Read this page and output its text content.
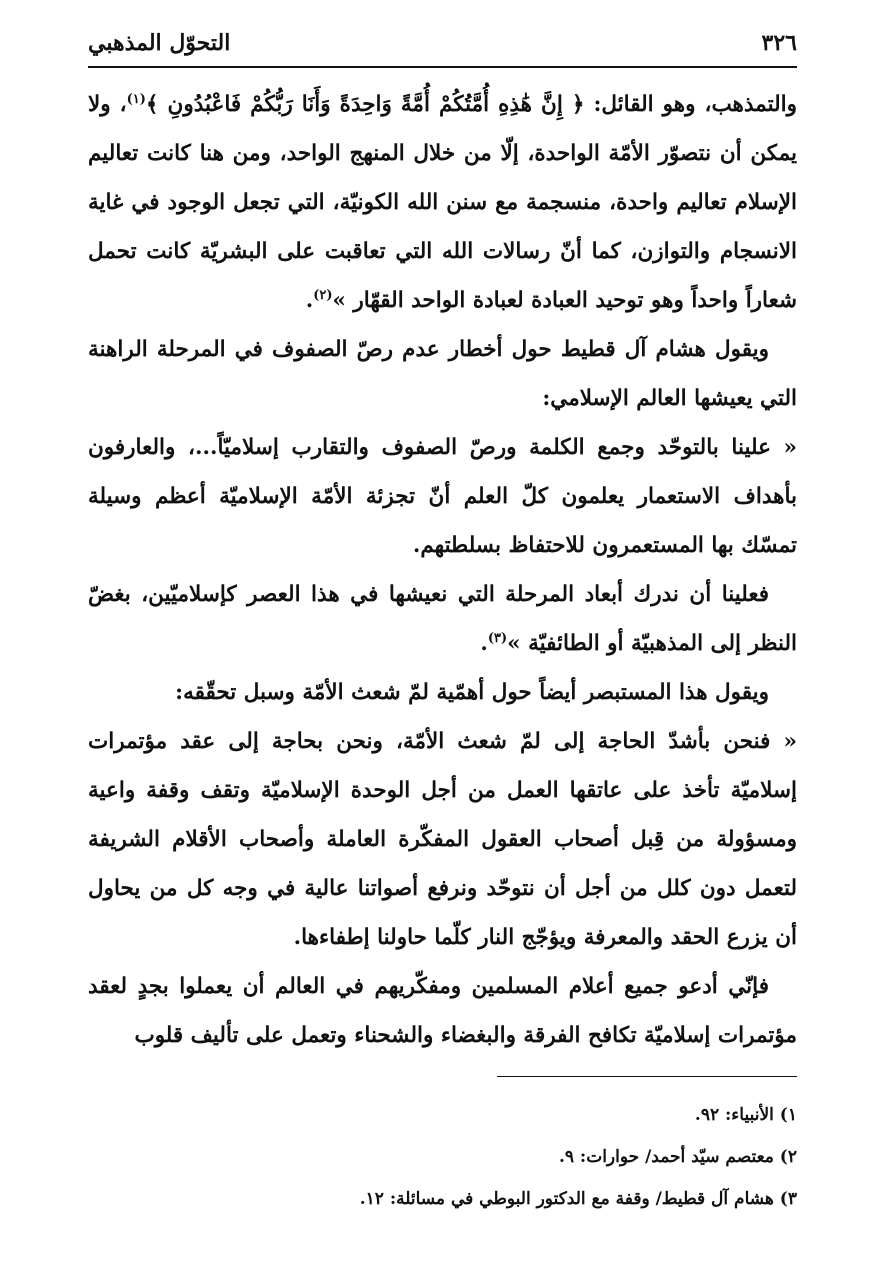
٣٢٦
التحوّل المذهبي

والتمذهب، وهو القائل: ﴿ إِنَّ هَٰذِهِ أُمَّتُكُمْ أُمَّةً وَاحِدَةً وَأَنَا رَبُّكُمْ فَاعْبُدُونِ ﴾$^{(١)}$، ولا يمكن أن نتصوّر الأمّة الواحدة، إلّا من خلال المنهج الواحد، ومن هنا كانت تعاليم الإسلام تعاليم واحدة، منسجمة مع سنن الله الكونيّة، التي تجعل الوجود في غاية الانسجام والتوازن، كما أنّ رسالات الله التي تعاقبت على البشريّة كانت تحمل شعاراً واحداً وهو توحيد العبادة لعبادة الواحد القهّار »$^{(٢)}$.

ويقول هشام آل قطيط حول أخطار عدم رصّ الصفوف في المرحلة الراهنة التي يعيشها العالم الإسلامي:

« علينا بالتوحّد وجمع الكلمة ورصّ الصفوف والتقارب إسلاميّاً...، والعارفون بأهداف الاستعمار يعلمون كلّ العلم أنّ تجزئة الأمّة الإسلاميّة أعظم وسيلة تمسّك بها المستعمرون للاحتفاظ بسلطتهم.

فعلينا أن ندرك أبعاد المرحلة التي نعيشها في هذا العصر كإسلاميّين، بغضّ النظر إلى المذهبيّة أو الطائفيّة »$^{(٣)}$.

ويقول هذا المستبصر أيضاً حول أهمّية لمّ شعث الأمّة وسبل تحقّقه:

« فنحن بأشدّ الحاجة إلى لمّ شعث الأمّة، ونحن بحاجة إلى عقد مؤتمرات إسلاميّة تأخذ على عاتقها العمل من أجل الوحدة الإسلاميّة وتقف وقفة واعية ومسؤولة من قِبل أصحاب العقول المفكّرة العاملة وأصحاب الأقلام الشريفة لتعمل دون كلل من أجل أن نتوحّد ونرفع أصواتنا عالية في وجه كل من يحاول أن يزرع الحقد والمعرفة ويؤجّج النار كلّما حاولنا إطفاءها.

فإنّي أدعو جميع أعلام المسلمين ومفكّريهم في العالم أن يعملوا بجدٍ لعقد مؤتمرات إسلاميّة تكافح الفرقة والبغضاء والشحناء وتعمل على تأليف قلوب

١) الأنبياء: ٩٢.

٢) معتصم سيّد أحمد/ حوارات: ٩.

٣) هشام آل قطيط/ وقفة مع الدكتور البوطي في مسائلة: ١٢.
